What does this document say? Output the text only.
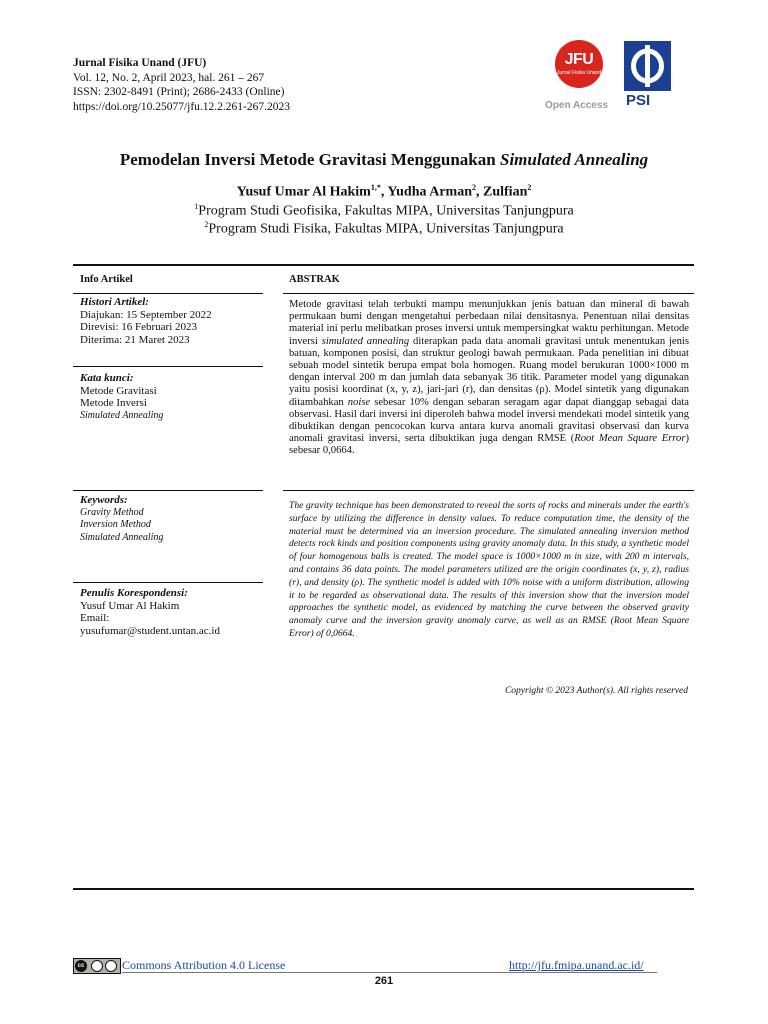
Jurnal Fisika Unand (JFU)
Vol. 12, No. 2, April 2023, hal. 261 – 267
ISSN: 2302-8491 (Print); 2686-2433 (Online)
https://doi.org/10.25077/jfu.12.2.261-267.2023
JFU
Jurnal Fisika Unand
Open Access PSI
Pemodelan Inversi Metode Gravitasi Menggunakan Simulated Annealing
Yusuf Umar Al Hakim$^{1,*}$, Yudha Arman$^2$, Zulfian$^2$
$^1$Program Studi Geofisika, Fakultas MIPA, Universitas Tanjungpura
$^2$Program Studi Fisika, Fakultas MIPA, Universitas Tanjungpura
Info Artikel
Histori Artikel:
Diajukan: 15 September 2022
Direvisi: 16 Februari 2023
Diterima: 21 Maret 2023
Kata kunci:
Metode Gravitasi
Metode Inversi
Simulated Annealing
Keywords:
Gravity Method
Inversion Method
Simulated Annealing
Penulis Korespondensi:
Yusuf Umar Al Hakim
Email:
yusufumar@student.untan.ac.id
ABSTRAK
Metode gravitasi telah terbukti mampu menunjukkan jenis batuan dan mineral di bawah permukaan bumi dengan mengetahui perbedaan nilai densitasnya. Penentuan nilai densitas material ini perlu melibatkan proses inversi untuk mempersingkat waktu perhitungan. Metode inversi simulated annealing diterapkan pada data anomali gravitasi untuk menentukan jenis batuan, komponen posisi, dan struktur geologi bawah permukaan. Pada penelitian ini dibuat sebuah model sintetik berupa empat bola homogen. Ruang model berukuran 1000×1000 m dengan interval 200 m dan jumlah data sebanyak 36 titik. Parameter model yang digunakan yaitu posisi koordinat (x, y, z), jari-jari (r), dan densitas (ρ). Model sintetik yang digunakan ditambahkan noise sebesar 10% dengan sebaran seragam agar dapat dianggap sebagai data observasi. Hasil dari inversi ini diperoleh bahwa model inversi mendekati model sintetik yang dibuktikan dengan pencocokan kurva antara kurva anomali gravitasi observasi dan kurva anomali gravitasi inversi, serta dibuktikan juga dengan RMSE (Root Mean Square Error) sebesar 0,0664.
The gravity technique has been demonstrated to reveal the sorts of rocks and minerals under the earth's surface by utilizing the difference in density values. To reduce computation time, the density of the material must be determined via an inversion procedure. The simulated annealing inversion method detects rock kinds and position components using gravity anomaly data. In this study, a synthetic model of four homogenous balls is created. The model space is 1000×1000 m in size, with 200 m intervals, and contains 36 data points. The model parameters utilized are the origin coordinates (x, y, z), radius (r), and density (ρ). The synthetic model is added with 10% noise with a uniform distribution, allowing it to be regarded as observational data. The results of this inversion show that the inversion model approaches the synthetic model, as evidenced by matching the curve between the observed gravity anomaly curve and the inversion gravity anomaly curve, as well as an RMSE (Root Mean Square Error) of 0,0664.
Copyright © 2023 Author(s). All rights reserved
cc	Commons Attribution 4.0 License	http://jfu.fmipa.unand.ac.id/
261
